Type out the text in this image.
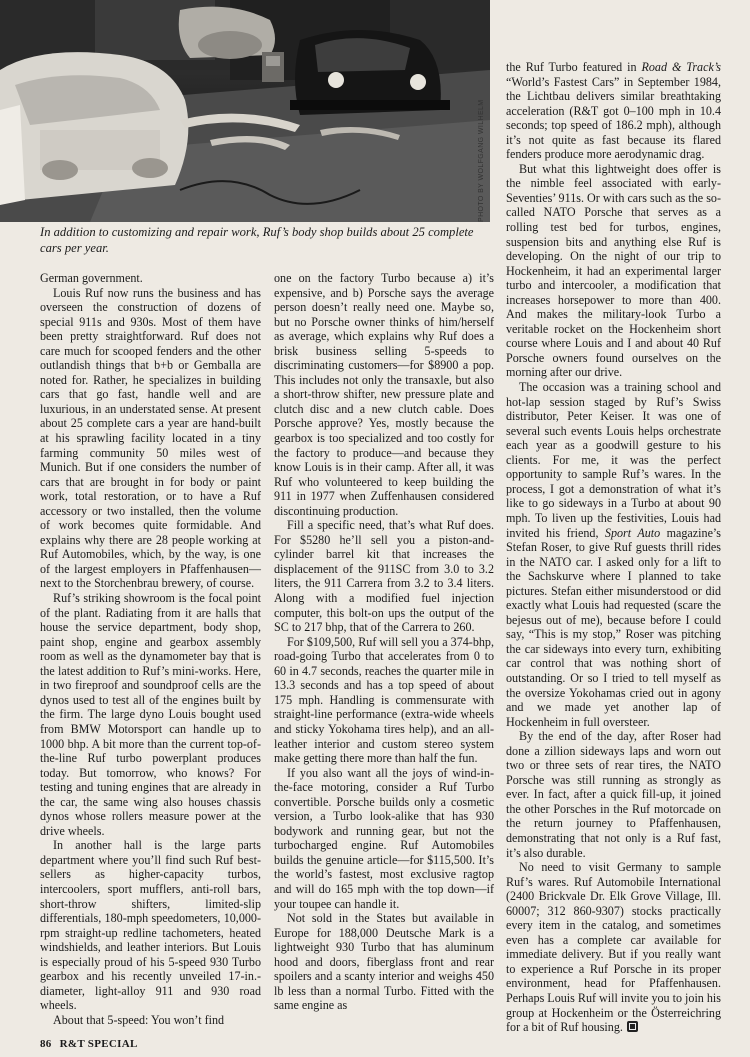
PHOTO BY WOLFGANG WILHELM

In addition to customizing and repair work, Ruf’s body shop builds about 25 complete cars per year.

German government.

Louis Ruf now runs the business and has overseen the construction of dozens of special 911s and 930s. Most of them have been pretty straightforward. Ruf does not care much for scooped fenders and the other outlandish things that b+b or Gemballa are noted for. Rather, he specializes in building cars that go fast, handle well and are luxurious, in an understated sense. At present about 25 complete cars a year are hand-built at his sprawling facility located in a tiny farming community 50 miles west of Munich. But if one considers the number of cars that are brought in for body or paint work, total restoration, or to have a Ruf accessory or two installed, then the volume of work becomes quite formidable. And explains why there are 28 people working at Ruf Automobiles, which, by the way, is one of the largest employers in Pfaffenhausen—next to the Storchenbrau brewery, of course.

Ruf’s striking showroom is the focal point of the plant. Radiating from it are halls that house the service department, body shop, paint shop, engine and gearbox assembly room as well as the dynamometer bay that is the latest addition to Ruf’s mini-works. Here, in two fireproof and soundproof cells are the dynos used to test all of the engines built by the firm. The large dyno Louis bought used from BMW Motorsport can handle up to 1000 bhp. A bit more than the current top-of-the-line Ruf turbo powerplant produces today. But tomorrow, who knows? For testing and tuning engines that are already in the car, the same wing also houses chassis dynos whose rollers measure power at the drive wheels.

In another hall is the large parts department where you’ll find such Ruf best-sellers as higher-capacity turbos, intercoolers, sport mufflers, anti-roll bars, short-throw shifters, limited-slip differentials, 180-mph speedometers, 10,000-rpm straight-up redline tachometers, heated windshields, and leather interiors. But Louis is especially proud of his 5-speed 930 Turbo gearbox and his recently unveiled 17-in.-diameter, light-alloy 911 and 930 road wheels.

About that 5-speed: You won’t find

one on the factory Turbo because a) it’s expensive, and b) Porsche says the average person doesn’t really need one. Maybe so, but no Porsche owner thinks of him/herself as average, which explains why Ruf does a brisk business selling 5-speeds to discriminating customers—for $8900 a pop. This includes not only the transaxle, but also a short-throw shifter, new pressure plate and clutch disc and a new clutch cable. Does Porsche approve? Yes, mostly because the gearbox is too specialized and too costly for the factory to produce—and because they know Louis is in their camp. After all, it was Ruf who volunteered to keep building the 911 in 1977 when Zuffenhausen considered discontinuing production.

Fill a specific need, that’s what Ruf does. For $5280 he’ll sell you a piston-and-cylinder barrel kit that increases the displacement of the 911SC from 3.0 to 3.2 liters, the 911 Carrera from 3.2 to 3.4 liters. Along with a modified fuel injection computer, this bolt-on ups the output of the SC to 217 bhp, that of the Carrera to 260.

For $109,500, Ruf will sell you a 374-bhp, road-going Turbo that accelerates from 0 to 60 in 4.7 seconds, reaches the quarter mile in 13.3 seconds and has a top speed of about 175 mph. Handling is commensurate with straight-line performance (extra-wide wheels and sticky Yokohama tires help), and an all-leather interior and custom stereo system make getting there more than half the fun.

If you also want all the joys of wind-in-the-face motoring, consider a Ruf Turbo convertible. Porsche builds only a cosmetic version, a Turbo look-alike that has 930 bodywork and running gear, but not the turbocharged engine. Ruf Automobiles builds the genuine article—for $115,500. It’s the world’s fastest, most exclusive ragtop and will do 165 mph with the top down—if your toupee can handle it.

Not sold in the States but available in Europe for 188,000 Deutsche Mark is a lightweight 930 Turbo that has aluminum hood and doors, fiberglass front and rear spoilers and a scanty interior and weighs 450 lb less than a normal Turbo. Fitted with the same engine as

the Ruf Turbo featured in Road & Track’s “World’s Fastest Cars” in September 1984, the Lichtbau delivers similar breathtaking acceleration (R&T got 0–100 mph in 10.4 seconds; top speed of 186.2 mph), although it’s not quite as fast because its flared fenders produce more aerodynamic drag.

But what this lightweight does offer is the nimble feel associated with early-Seventies’ 911s. Or with cars such as the so-called NATO Porsche that serves as a rolling test bed for turbos, engines, suspension bits and anything else Ruf is developing. On the night of our trip to Hockenheim, it had an experimental larger turbo and intercooler, a modification that increases horsepower to more than 400. And makes the military-look Turbo a veritable rocket on the Hockenheim short course where Louis and I and about 40 Ruf Porsche owners found ourselves on the morning after our drive.

The occasion was a training school and hot-lap session staged by Ruf’s Swiss distributor, Peter Keiser. It was one of several such events Louis helps orchestrate each year as a goodwill gesture to his clients. For me, it was the perfect opportunity to sample Ruf’s wares. In the process, I got a demonstration of what it’s like to go sideways in a Turbo at about 90 mph. To liven up the festivities, Louis had invited his friend, Sport Auto magazine’s Stefan Roser, to give Ruf guests thrill rides in the NATO car. I asked only for a lift to the Sachskurve where I planned to take pictures. Stefan either misunderstood or did exactly what Louis had requested (scare the bejesus out of me), because before I could say, “This is my stop,” Roser was pitching the car sideways into every turn, exhibiting car control that was nothing short of outstanding. Or so I tried to tell myself as the oversize Yokohamas cried out in agony and we made yet another lap of Hockenheim in full oversteer.

By the end of the day, after Roser had done a zillion sideways laps and worn out two or three sets of rear tires, the NATO Porsche was still running as strongly as ever. In fact, after a quick fill-up, it joined the other Porsches in the Ruf motorcade on the return journey to Pfaffenhausen, demonstrating that not only is a Ruf fast, it’s also durable.

No need to visit Germany to sample Ruf’s wares. Ruf Automobile International (2400 Brickvale Dr. Elk Grove Village, Ill. 60007; 312 860-9307) stocks practically every item in the catalog, and sometimes even has a complete car available for immediate delivery. But if you really want to experience a Ruf Porsche in its proper environment, head for Pfaffenhausen. Perhaps Louis Ruf will invite you to join his group at Hockenheim or the Österreichring for a bit of Ruf housing.

86 R&T SPECIAL
